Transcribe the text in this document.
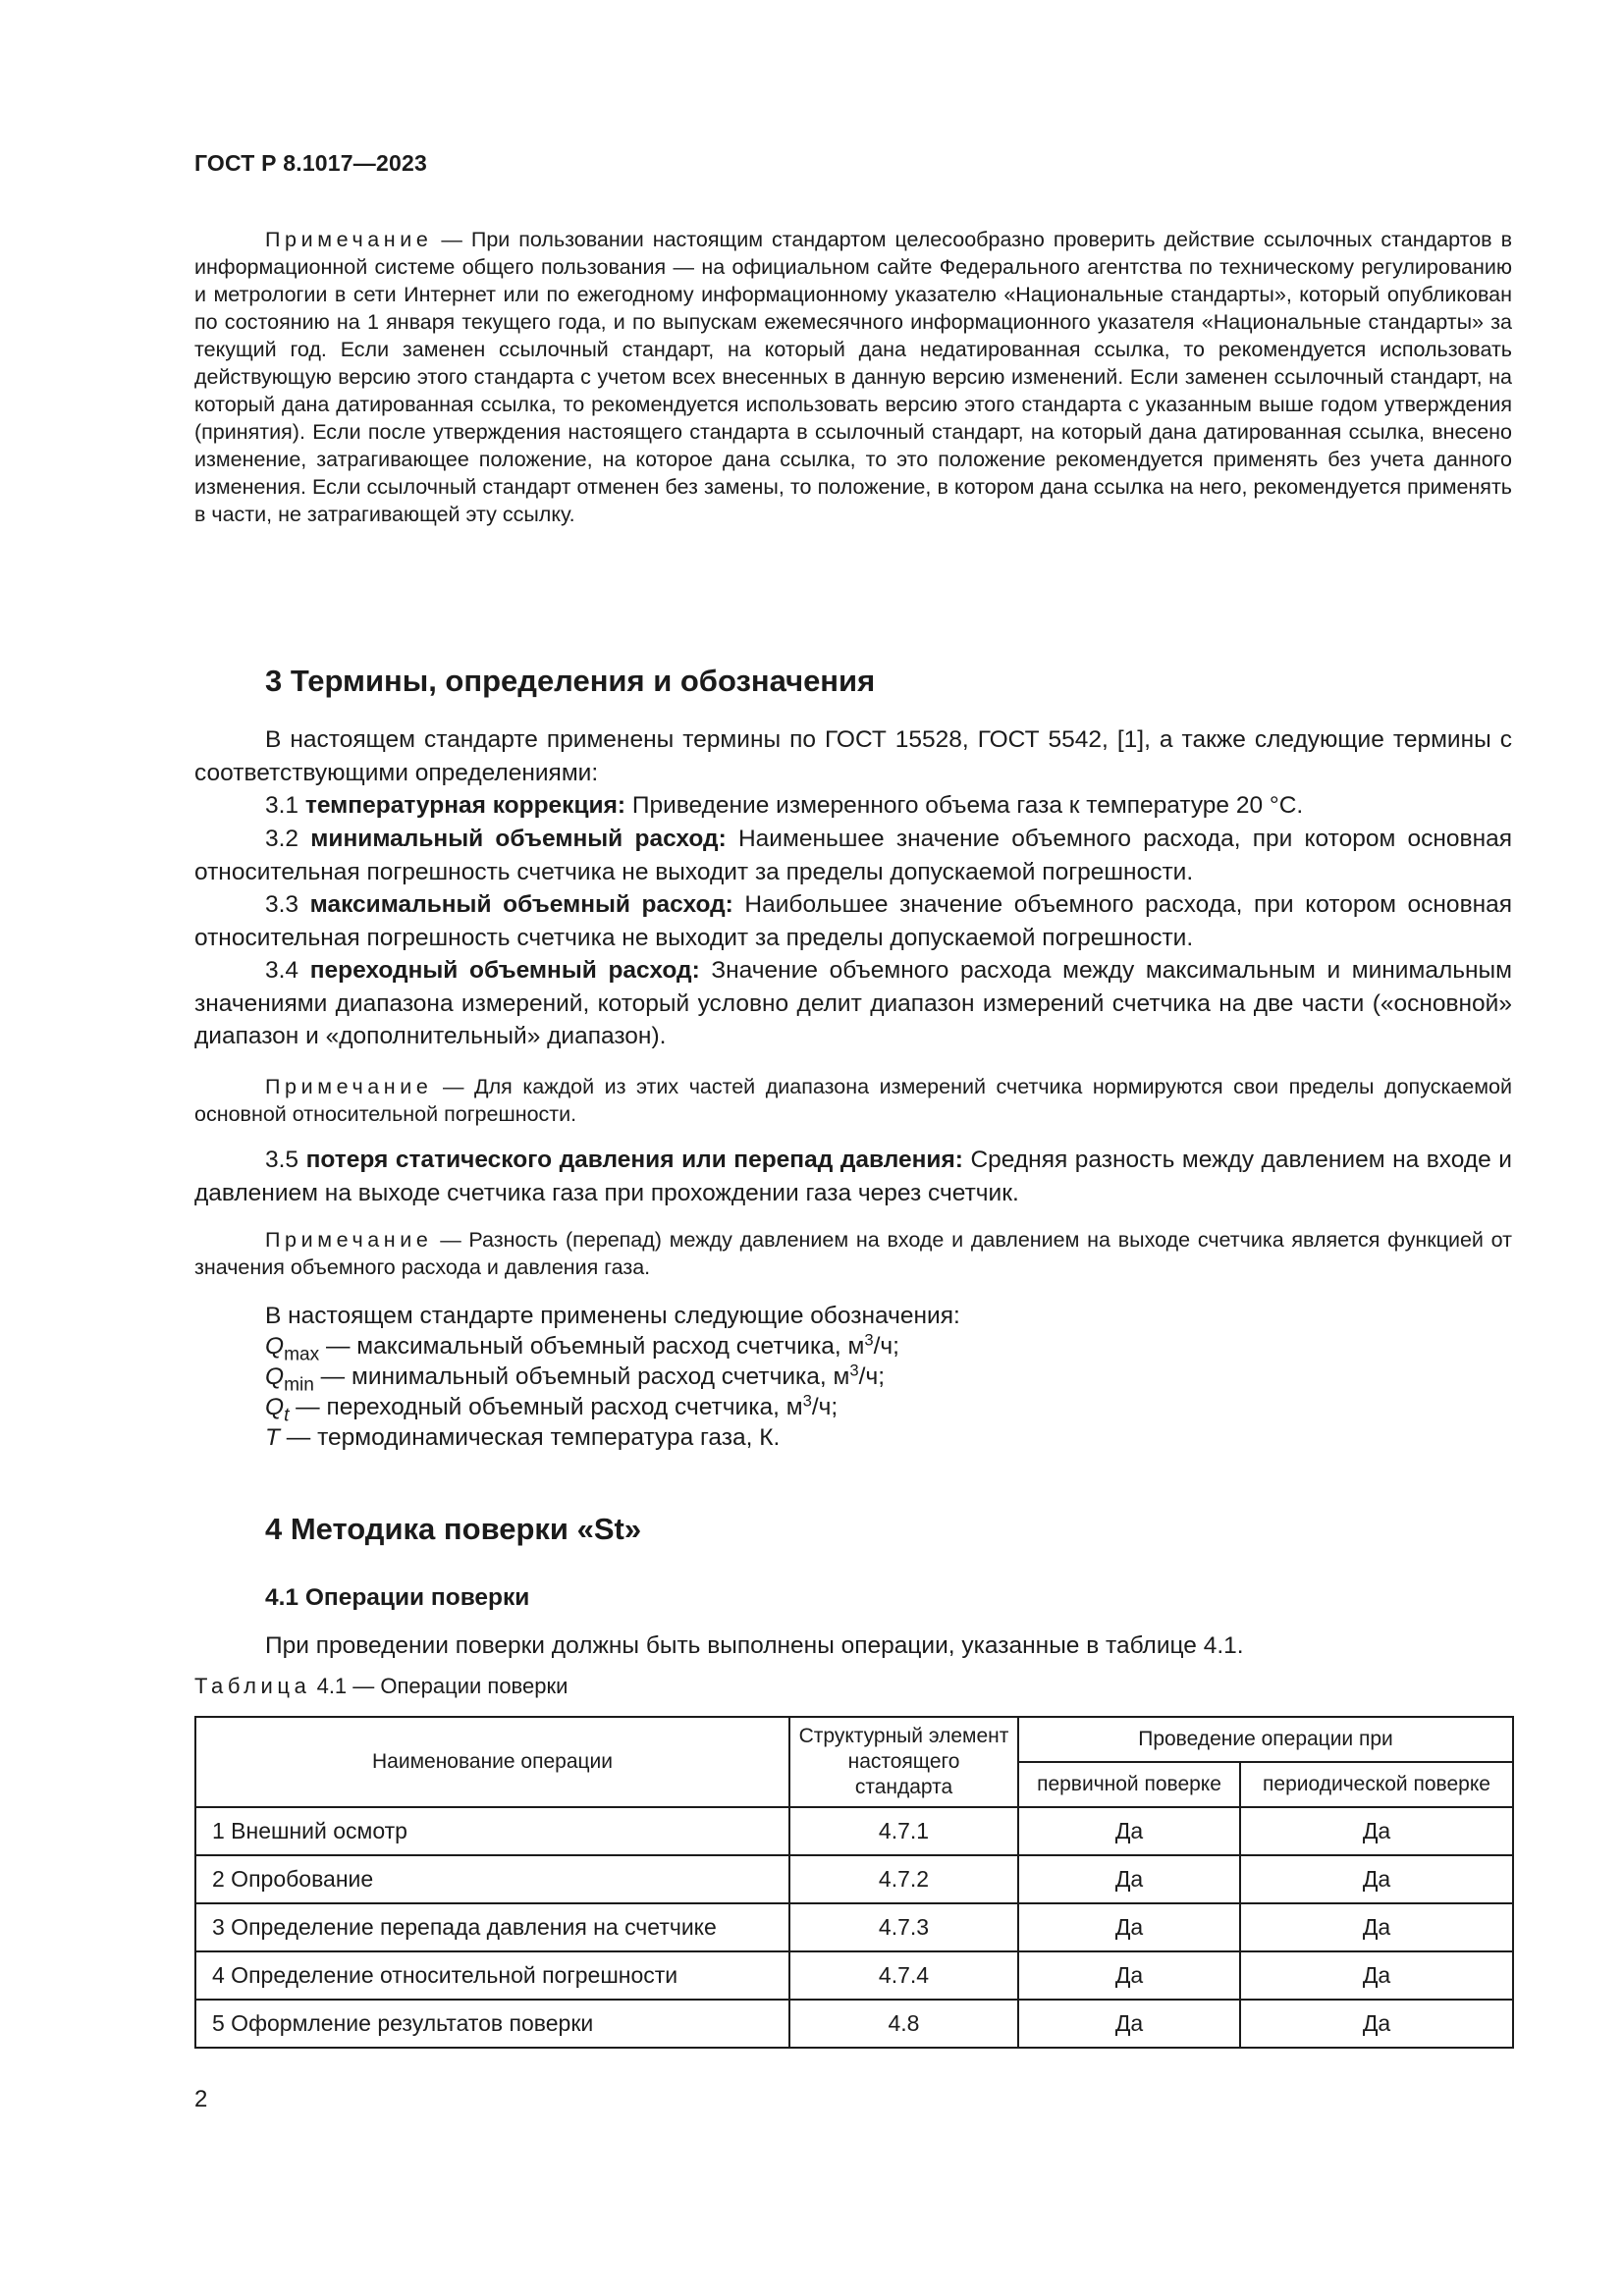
ГОСТ Р 8.1017—2023
Примечание — При пользовании настоящим стандартом целесообразно проверить действие ссылочных стандартов в информационной системе общего пользования — на официальном сайте Федерального агентства по техническому регулированию и метрологии в сети Интернет или по ежегодному информационному указателю «Национальные стандарты», который опубликован по состоянию на 1 января текущего года, и по выпускам ежемесячного информационного указателя «Национальные стандарты» за текущий год. Если заменен ссылочный стандарт, на который дана недатированная ссылка, то рекомендуется использовать действующую версию этого стандарта с учетом всех внесенных в данную версию изменений. Если заменен ссылочный стандарт, на который дана датированная ссылка, то рекомендуется использовать версию этого стандарта с указанным выше годом утверждения (принятия). Если после утверждения настоящего стандарта в ссылочный стандарт, на который дана датированная ссылка, внесено изменение, затрагивающее положение, на которое дана ссылка, то это положение рекомендуется применять без учета данного изменения. Если ссылочный стандарт отменен без замены, то положение, в котором дана ссылка на него, рекомендуется применять в части, не затрагивающей эту ссылку.
3 Термины, определения и обозначения
В настоящем стандарте применены термины по ГОСТ 15528, ГОСТ 5542, [1], а также следующие термины с соответствующими определениями:
3.1 температурная коррекция: Приведение измеренного объема газа к температуре 20 °С.
3.2 минимальный объемный расход: Наименьшее значение объемного расхода, при котором основная относительная погрешность счетчика не выходит за пределы допускаемой погрешности.
3.3 максимальный объемный расход: Наибольшее значение объемного расхода, при котором основная относительная погрешность счетчика не выходит за пределы допускаемой погрешности.
3.4 переходный объемный расход: Значение объемного расхода между максимальным и минимальным значениями диапазона измерений, который условно делит диапазон измерений счетчика на две части («основной» диапазон и «дополнительный» диапазон).
Примечание — Для каждой из этих частей диапазона измерений счетчика нормируются свои пределы допускаемой основной относительной погрешности.
3.5 потеря статического давления или перепад давления: Средняя разность между давлением на входе и давлением на выходе счетчика газа при прохождении газа через счетчик.
Примечание — Разность (перепад) между давлением на входе и давлением на выходе счетчика является функцией от значения объемного расхода и давления газа.
В настоящем стандарте применены следующие обозначения:
$Q_{max}$ — максимальный объемный расход счетчика, $м^3/ч$;
$Q_{min}$ — минимальный объемный расход счетчика, $м^3/ч$;
$Q_t$ — переходный объемный расход счетчика, $м^3/ч$;
T — термодинамическая температура газа, К.
4 Методика поверки «St»
4.1 Операции поверки
При проведении поверки должны быть выполнены операции, указанные в таблице 4.1.
Таблица 4.1 — Операции поверки
Наименование операции	Структурный элемент настоящего стандарта	Проведение операции при	
		первичной поверке	периодической поверке
1 Внешний осмотр	4.7.1	Да	Да
2 Опробование	4.7.2	Да	Да
3 Определение перепада давления на счетчике	4.7.3	Да	Да
4 Определение относительной погрешности	4.7.4	Да	Да
5 Оформление результатов поверки	4.8	Да	Да
2
